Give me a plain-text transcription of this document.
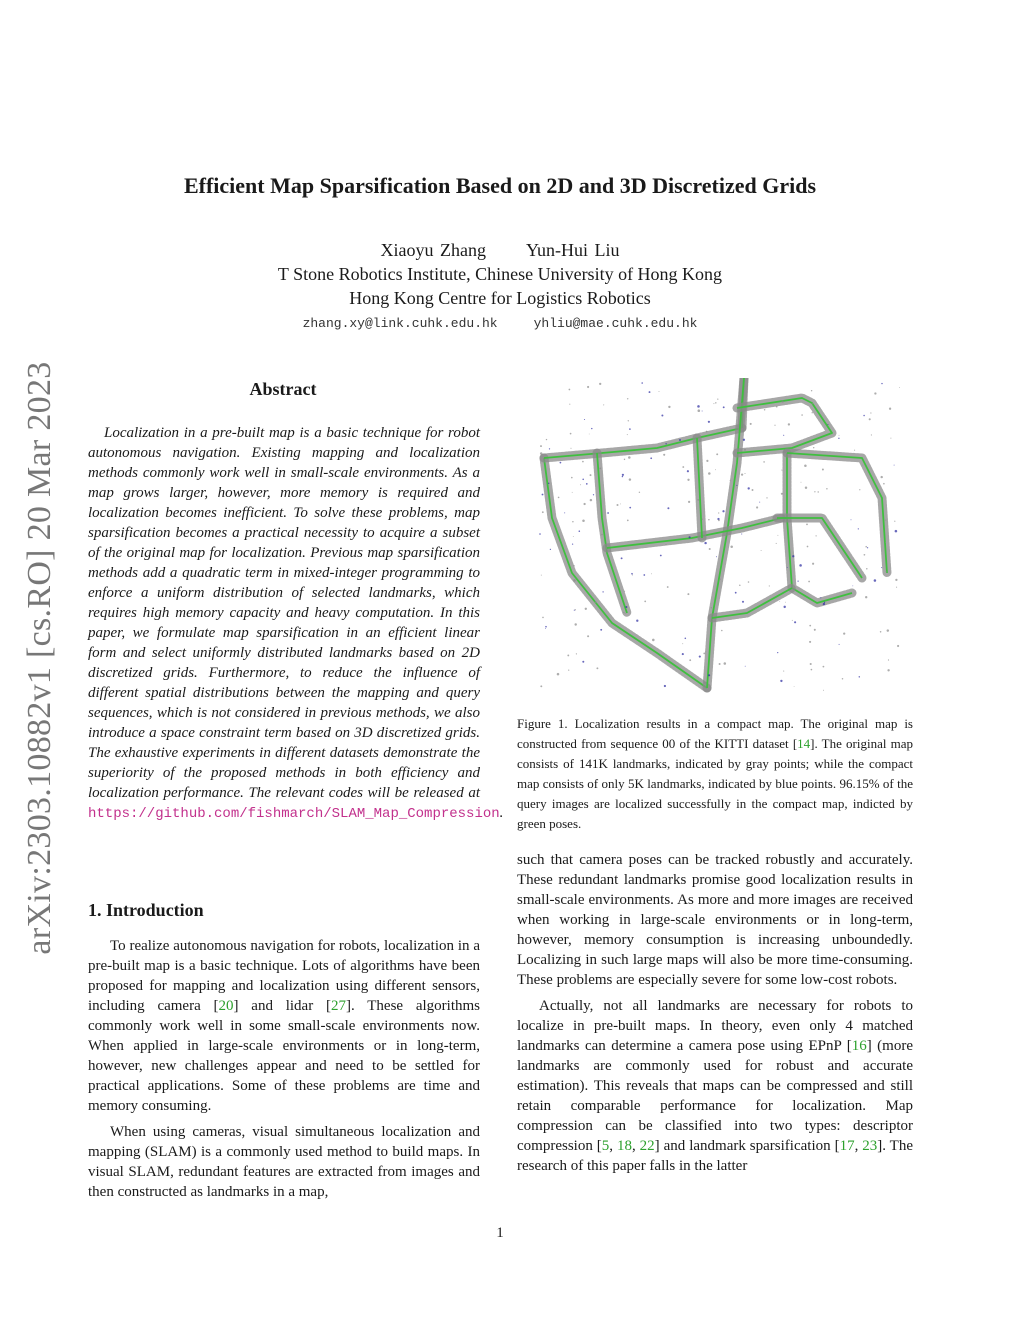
arXiv:2303.10882v1 [cs.RO] 20 Mar 2023
Efficient Map Sparsification Based on 2D and 3D Discretized Grids
Xiaoyu Zhang Yun-Hui Liu
T Stone Robotics Institute, Chinese University of Hong Kong
Hong Kong Centre for Logistics Robotics
zhang.xy@link.cuhk.edu.hk	yhliu@mae.cuhk.edu.hk
Abstract

Localization in a pre-built map is a basic technique for robot autonomous navigation. Existing mapping and localization methods commonly work well in small-scale environments. As a map grows larger, however, more memory is required and localization becomes inefficient. To solve these problems, map sparsification becomes a practical necessity to acquire a subset of the original map for localization. Previous map sparsification methods add a quadratic term in mixed-integer programming to enforce a uniform distribution of selected landmarks, which requires high memory capacity and heavy computation. In this paper, we formulate map sparsification in an efficient linear form and select uniformly distributed landmarks based on 2D discretized grids. Furthermore, to reduce the influence of different spatial distributions between the mapping and query sequences, which is not considered in previous methods, we also introduce a space constraint term based on 3D discretized grids. The exhaustive experiments in different datasets demonstrate the superiority of the proposed methods in both efficiency and localization performance. The relevant codes will be released at https://github.com/fishmarch/SLAM_Map_Compression.

1. Introduction

To realize autonomous navigation for robots, localization in a pre-built map is a basic technique. Lots of algorithms have been proposed for mapping and localization using different sensors, including camera [20] and lidar [27]. These algorithms commonly work well in some small-scale environments now. When applied in large-scale environments or in long-term, however, new challenges appear and need to be settled for practical applications. Some of these problems are time and memory consuming.

When using cameras, visual simultaneous localization and mapping (SLAM) is a commonly used method to build maps. In visual SLAM, redundant features are extracted from images and then constructed as landmarks in a map,

Figure 1. Localization results in a compact map. The original map is constructed from sequence 00 of the KITTI dataset [14]. The original map consists of 141K landmarks, indicated by gray points; while the compact map consists of only 5K landmarks, indicated by blue points. 96.15% of the query images are localized successfully in the compact map, indicted by green poses.

such that camera poses can be tracked robustly and accurately. These redundant landmarks promise good localization results in small-scale environments. As more and more images are received when working in large-scale environments or in long-term, however, memory consumption is increasing unboundedly. Localizing in such large maps will also be more time-consuming. These problems are especially severe for some low-cost robots.

Actually, not all landmarks are necessary for robots to localize in pre-built maps. In theory, even only 4 matched landmarks can determine a camera pose using EPnP [16] (more landmarks are commonly used for robust and accurate estimation). This reveals that maps can be compressed and still retain comparable performance for localization. Map compression can be classified into two types: descriptor compression [5, 18, 22] and landmark sparsification [17, 23]. The research of this paper falls in the latter

1
